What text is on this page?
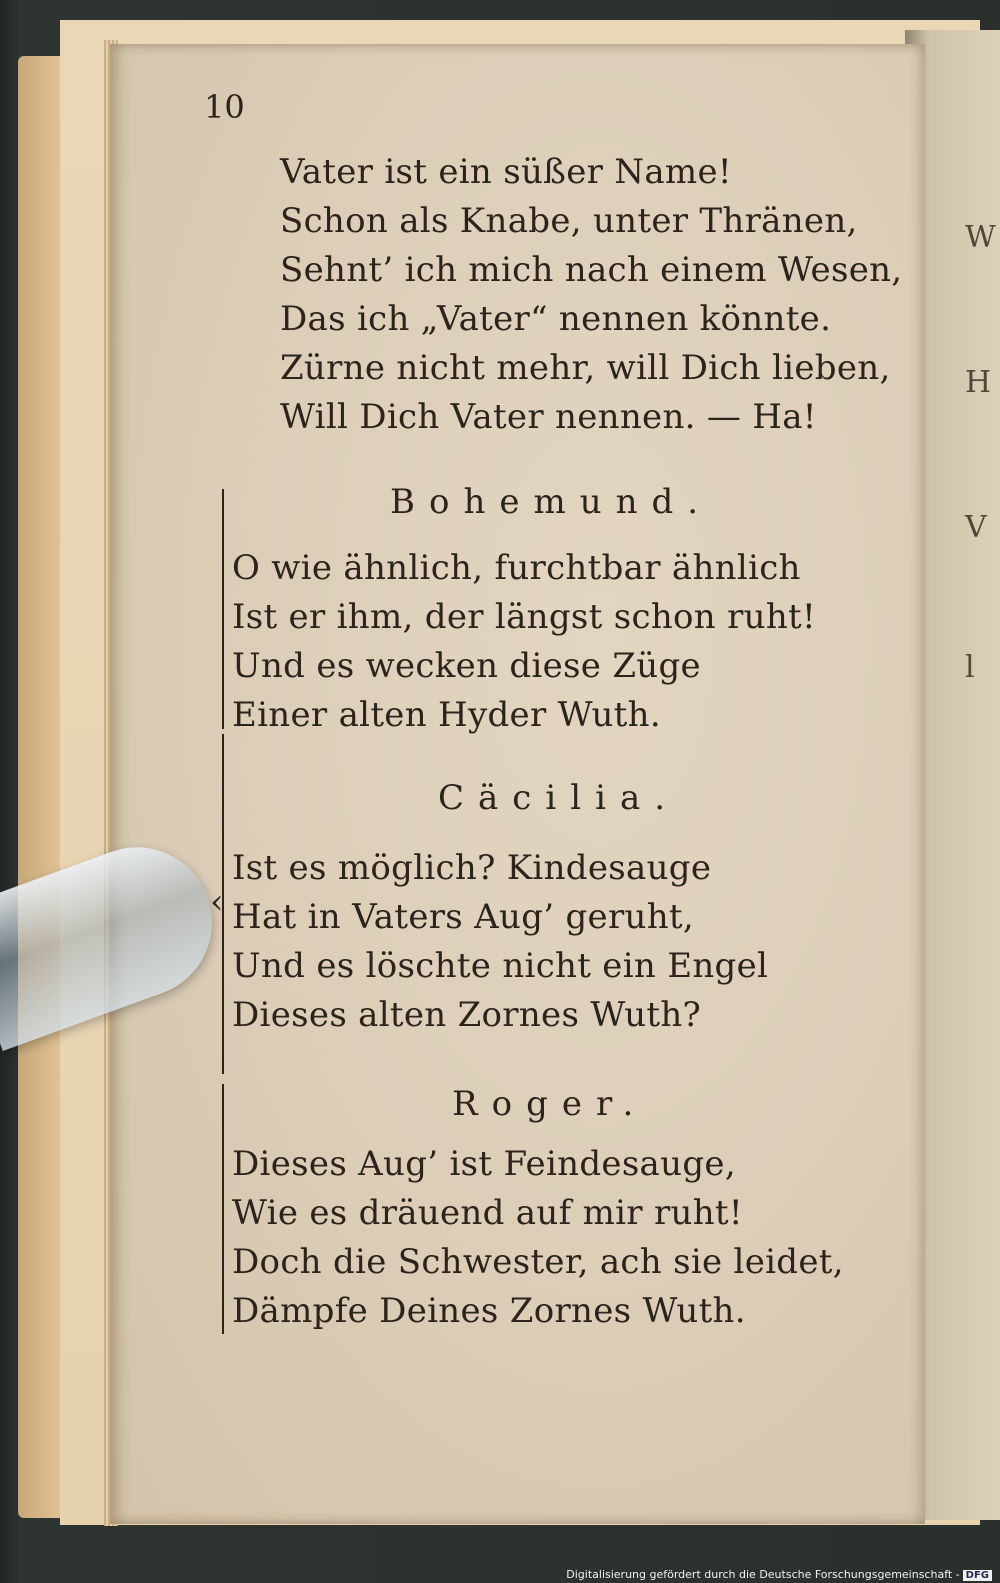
W
H
V
l
10
Vater ist ein süßer Name!
Schon als Knabe, unter Thränen,
Sehnt’ ich mich nach einem Wesen,
Das ich „Vater“ nennen könnte.
Zürne nicht mehr, will Dich lieben,
Will Dich Vater nennen. — Ha!
Bohemund.
O wie ähnlich, furchtbar ähnlich
Ist er ihm, der längst schon ruht!
Und es wecken diese Züge
Einer alten Hyder Wuth.
‹
Cäcilia.
Ist es möglich? Kindesauge
Hat in Vaters Aug’ geruht,
Und es löschte nicht ein Engel
Dieses alten Zornes Wuth?
Roger.
Dieses Aug’ ist Feindesauge,
Wie es dräuend auf mir ruht!
Doch die Schwester, ach sie leidet,
Dämpfe Deines Zornes Wuth.
Digitalisierung gefördert durch die Deutsche Forschungsgemeinschaft - DFG
